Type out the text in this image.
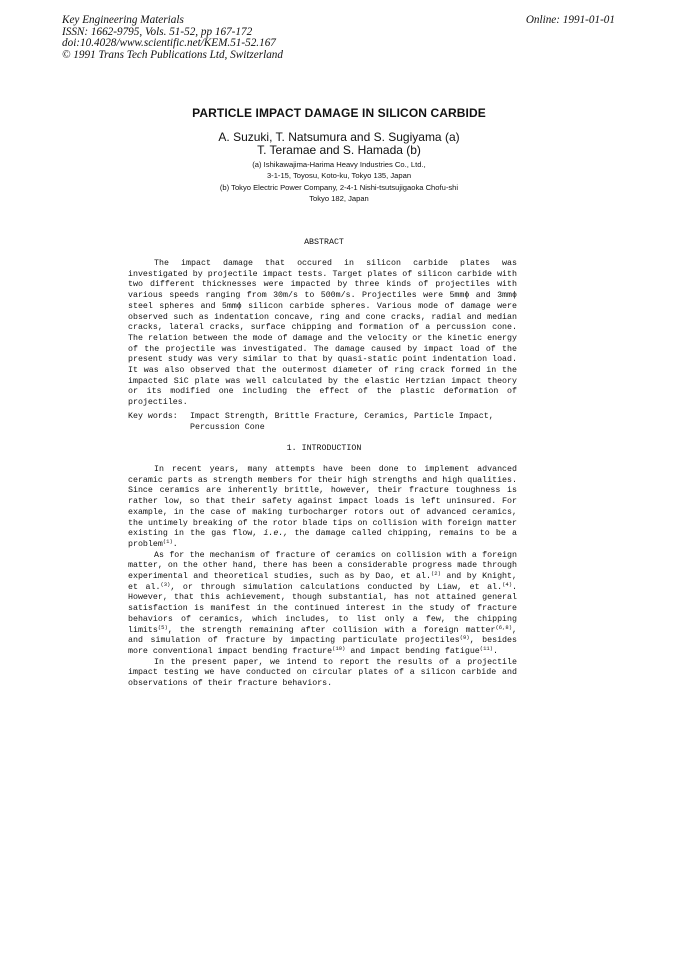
Key Engineering Materials
ISSN: 1662-9795, Vols. 51-52, pp 167-172
doi:10.4028/www.scientific.net/KEM.51-52.167
© 1991 Trans Tech Publications Ltd, Switzerland
Online: 1991-01-01
PARTICLE IMPACT DAMAGE IN SILICON CARBIDE
A. Suzuki, T. Natsumura and S. Sugiyama (a)
T. Teramae and S. Hamada (b)
(a) Ishikawajima-Harima Heavy Industries Co., Ltd.,
3-1-15, Toyosu, Koto-ku, Tokyo 135, Japan
(b) Tokyo Electric Power Company, 2-4-1 Nishi-tsutsujigaoka Chofu-shi
Tokyo 182, Japan
ABSTRACT

The impact damage that occured in silicon carbide plates was investigated by projectile impact tests. Target plates of silicon carbide with two different thicknesses were impacted by three kinds of projectiles with various speeds ranging from 30m/s to 500m/s. Projectiles were 5mmϕ and 3mmϕ steel spheres and 5mmϕ silicon carbide spheres. Various mode of damage were observed such as indentation concave, ring and cone cracks, radial and median cracks, lateral cracks, surface chipping and formation of a percussion cone. The relation between the mode of damage and the velocity or the kinetic energy of the projectile was investigated. The damage caused by impact load of the present study was very similar to that by quasi-static point indentation load. It was also observed that the outermost diameter of ring crack formed in the impacted SiC plate was well calculated by the elastic Hertzian impact theory or its modified one including the effect of the plastic deformation of projectiles.

Key words:	Impact Strength, Brittle Fracture, Ceramics, Particle Impact, Percussion Cone
1. INTRODUCTION

In recent years, many attempts have been done to implement advanced ceramic parts as strength members for their high strengths and high qualities. Since ceramics are inherently brittle, however, their fracture toughness is rather low, so that their safety against impact loads is left uninsured. For example, in the case of making turbocharger rotors out of advanced ceramics, the untimely breaking of the rotor blade tips on collision with foreign matter existing in the gas flow, i.e., the damage called chipping, remains to be a problem$^{(1)}$.

As for the mechanism of fracture of ceramics on collision with a foreign matter, on the other hand, there has been a considerable progress made through experimental and theoretical studies, such as by Dao, et al.$^{(2)}$ and by Knight, et al.$^{(3)}$, or through simulation calculations conducted by Liaw, et al.$^{(4)}$. However, that this achievement, though substantial, has not attained general satisfaction is manifest in the continued interest in the study of fracture behaviors of ceramics, which includes, to list only a few, the chipping limits$^{(5)}$, the strength remaining after collision with a foreign matter$^{(6,8)}$, and simulation of fracture by impacting particulate projectiles$^{(9)}$, besides more conventional impact bending fracture$^{(10)}$ and impact bending fatigue$^{(11)}$.

In the present paper, we intend to report the results of a projectile impact testing we have conducted on circular plates of a silicon carbide and observations of their fracture behaviors.
